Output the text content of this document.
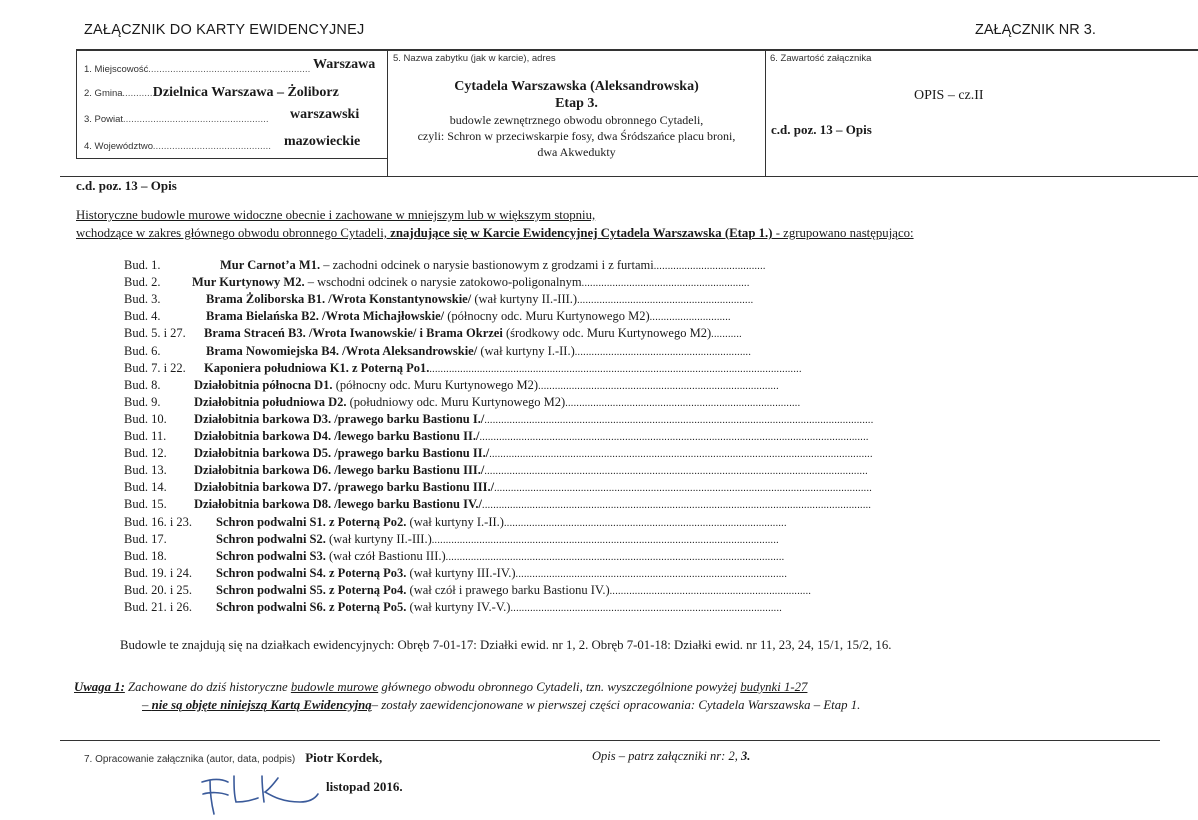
ZAŁĄCZNIK DO KARTY EWIDENCYJNEJ	ZAŁĄCZNIK NR 3.
1. Miejscowość........................................................... Warszawa
2. Gmina...........Dzielnica Warszawa – Żoliborz
3. Powiat..................................................... warszawski
4. Województwo........................................... mazowieckie
5. Nazwa zabytku (jak w karcie), adres
Cytadela Warszawska (Aleksandrowska)
Etap 3.
budowle zewnętrznego obwodu obronnego Cytadeli,
czyli: Schron w przeciwskarpie fosy, dwa Śródszańce placu broni,
dwa Akwedukty
6. Zawartość załącznika
OPIS – cz.II
c.d. poz. 13 – Opis
c.d. poz. 13 – Opis
Historyczne budowle murowe widoczne obecnie i zachowane w mniejszym lub w większym stopniu,
wchodzące w zakres głównego obwodu obronnego Cytadeli, znajdujące się w Karcie Ewidencyjnej Cytadela Warszawska (Etap 1.) - zgrupowano następująco:
Bud. 1.	Mur Carnot’a M1. – zachodni odcinek o narysie bastionowym z grodzami i z furtami........................................
Bud. 2.	Mur Kurtynowy M2. – wschodni odcinek o narysie zatokowo-poligonalnym............................................................
Bud. 3.	Brama Żoliborska B1. /Wrota Konstantynowskie/ (wał kurtyny II.-III.)...............................................................
Bud. 4.	Brama Bielańska B2. /Wrota Michajłowskie/ (północny odc. Muru Kurtynowego M2).............................
Bud. 5. i 27. Brama Straceń B3. /Wrota Iwanowskie/ i Brama Okrzei (środkowy odc. Muru Kurtynowego M2)...........
Bud. 6.	Brama Nowomiejska B4. /Wrota Aleksandrowskie/ (wał kurtyny I.-II.)...............................................................
Bud. 7. i 22. Kaponiera południowa K1. z Poterną Po1......................................................................................................................................
Bud. 8.	Działobitnia północna D1. (północny odc. Muru Kurtynowego M2)......................................................................................
Bud. 9.	Działobitnia południowa D2. (południowy odc. Muru Kurtynowego M2)....................................................................................
Bud. 10. Działobitnia barkowa D3. /prawego barku Bastionu I./...........................................................................................................................................
Bud. 11. Działobitnia barkowa D4. /lewego barku Bastionu II./...........................................................................................................................................
Bud. 12. Działobitnia barkowa D5. /prawego barku Bastionu II./.........................................................................................................................................
Bud. 13. Działobitnia barkowa D6. /lewego barku Bastionu III./.........................................................................................................................................
Bud. 14. Działobitnia barkowa D7. /prawego barku Bastionu III./.......................................................................................................................................
Bud. 15. Działobitnia barkowa D8. /lewego barku Bastionu IV./...........................................................................................................................................
Bud. 16. i 23. Schron podwalni S1. z Poterną Po2. (wał kurtyny I.-II.).....................................................................................................
Bud. 17.	Schron podwalni S2. (wał kurtyny II.-III.)............................................................................................................................
Bud. 18.	Schron podwalni S3. (wał czół Bastionu III.).........................................................................................................................
Bud. 19. i 24. Schron podwalni S4. z Poterną Po3. (wał kurtyny III.-IV.).................................................................................................
Bud. 20. i 25. Schron podwalni S5. z Poterną Po4. (wał czół i prawego barku Bastionu IV.)........................................................................
Bud. 21. i 26. Schron podwalni S6. z Poterną Po5. (wał kurtyny IV.-V.).................................................................................................
Budowle te znajdują się na działkach ewidencyjnych: Obręb 7-01-17: Działki ewid. nr 1, 2. Obręb 7-01-18: Działki ewid. nr 11, 23, 24, 15/1, 15/2, 16.
Uwaga 1: Zachowane do dziś historyczne budowle murowe głównego obwodu obronnego Cytadeli, tzn. wyszczególnione powyżej budynki 1-27
– nie są objęte niniejszą Kartą Ewidencyjną– zostały zaewidencjonowane w pierwszej części opracowania: Cytadela Warszawska – Etap 1.
7. Opracowanie załącznika (autor, data, podpis) Piotr Kordek,	Opis – patrz załączniki nr: 2, 3.
listopad 2016.
